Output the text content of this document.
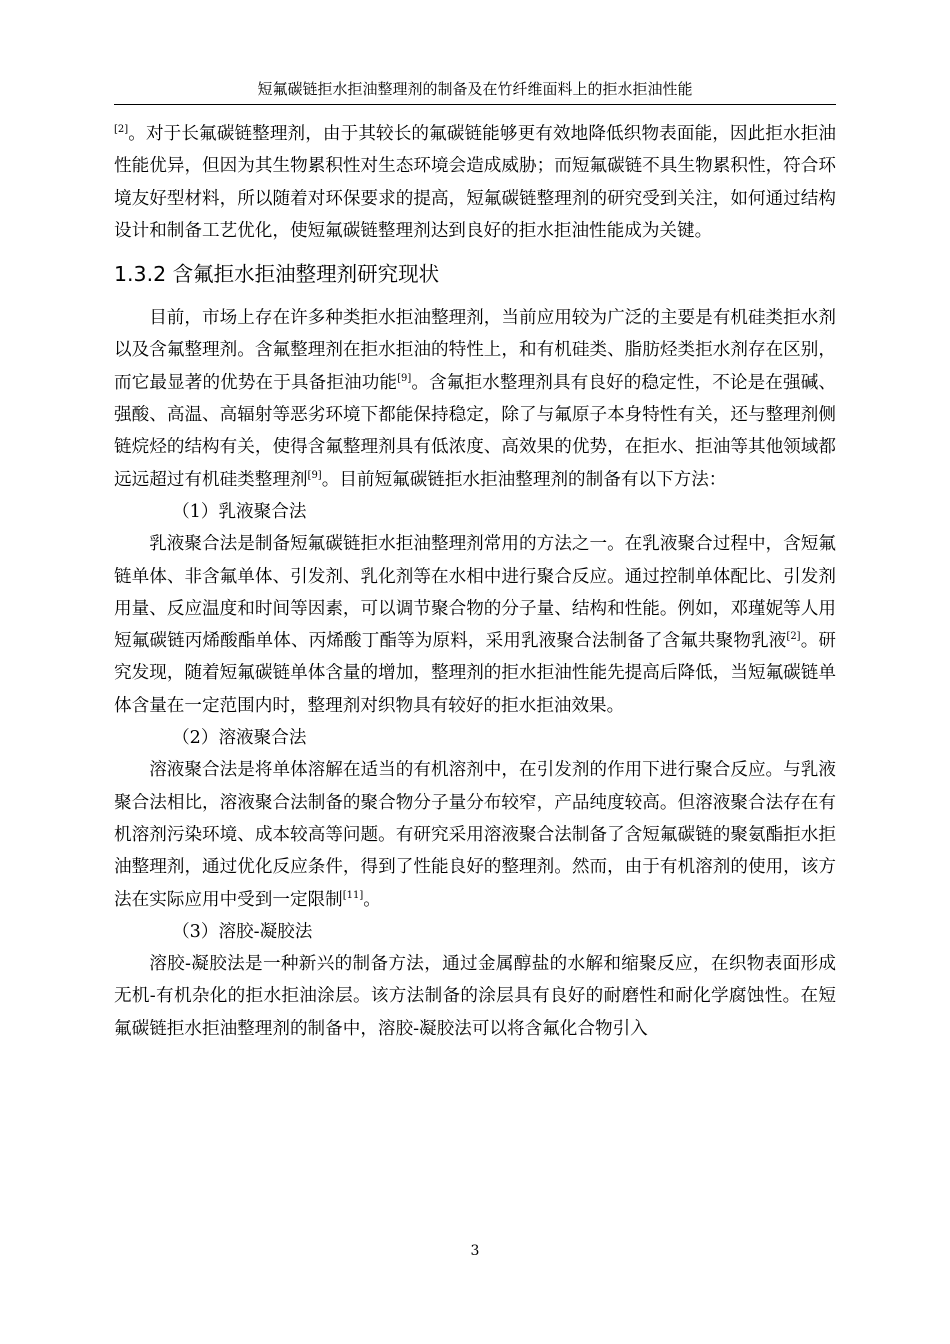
短氟碳链拒水拒油整理剂的制备及在竹纤维面料上的拒水拒油性能

[2]。对于长氟碳链整理剂，由于其较长的氟碳链能够更有效地降低织物表面能，因此拒水拒油性能优异，但因为其生物累积性对生态环境会造成威胁；而短氟碳链不具生物累积性，符合环境友好型材料，所以随着对环保要求的提高，短氟碳链整理剂的研究受到关注，如何通过结构设计和制备工艺优化，使短氟碳链整理剂达到良好的拒水拒油性能成为关键。

1.3.2 含氟拒水拒油整理剂研究现状

目前，市场上存在许多种类拒水拒油整理剂，当前应用较为广泛的主要是有机硅类拒水剂以及含氟整理剂。含氟整理剂在拒水拒油的特性上，和有机硅类、脂肪烃类拒水剂存在区别，而它最显著的优势在于具备拒油功能[9]。含氟拒水整理剂具有良好的稳定性，不论是在强碱、强酸、高温、高辐射等恶劣环境下都能保持稳定，除了与氟原子本身特性有关，还与整理剂侧链烷烃的结构有关，使得含氟整理剂具有低浓度、高效果的优势，在拒水、拒油等其他领域都远远超过有机硅类整理剂[9]。目前短氟碳链拒水拒油整理剂的制备有以下方法：

（1）乳液聚合法

乳液聚合法是制备短氟碳链拒水拒油整理剂常用的方法之一。在乳液聚合过程中，含短氟链单体、非含氟单体、引发剂、乳化剂等在水相中进行聚合反应。通过控制单体配比、引发剂用量、反应温度和时间等因素，可以调节聚合物的分子量、结构和性能。例如，邓瑾妮等人用短氟碳链丙烯酸酯单体、丙烯酸丁酯等为原料，采用乳液聚合法制备了含氟共聚物乳液[2]。研究发现，随着短氟碳链单体含量的增加，整理剂的拒水拒油性能先提高后降低，当短氟碳链单体含量在一定范围内时，整理剂对织物具有较好的拒水拒油效果。

（2）溶液聚合法

溶液聚合法是将单体溶解在适当的有机溶剂中，在引发剂的作用下进行聚合反应。与乳液聚合法相比，溶液聚合法制备的聚合物分子量分布较窄，产品纯度较高。但溶液聚合法存在有机溶剂污染环境、成本较高等问题。有研究采用溶液聚合法制备了含短氟碳链的聚氨酯拒水拒油整理剂，通过优化反应条件，得到了性能良好的整理剂。然而，由于有机溶剂的使用，该方法在实际应用中受到一定限制[11]。

（3）溶胶-凝胶法

溶胶-凝胶法是一种新兴的制备方法，通过金属醇盐的水解和缩聚反应，在织物表面形成无机-有机杂化的拒水拒油涂层。该方法制备的涂层具有良好的耐磨性和耐化学腐蚀性。在短氟碳链拒水拒油整理剂的制备中，溶胶-凝胶法可以将含氟化合物引入

3
